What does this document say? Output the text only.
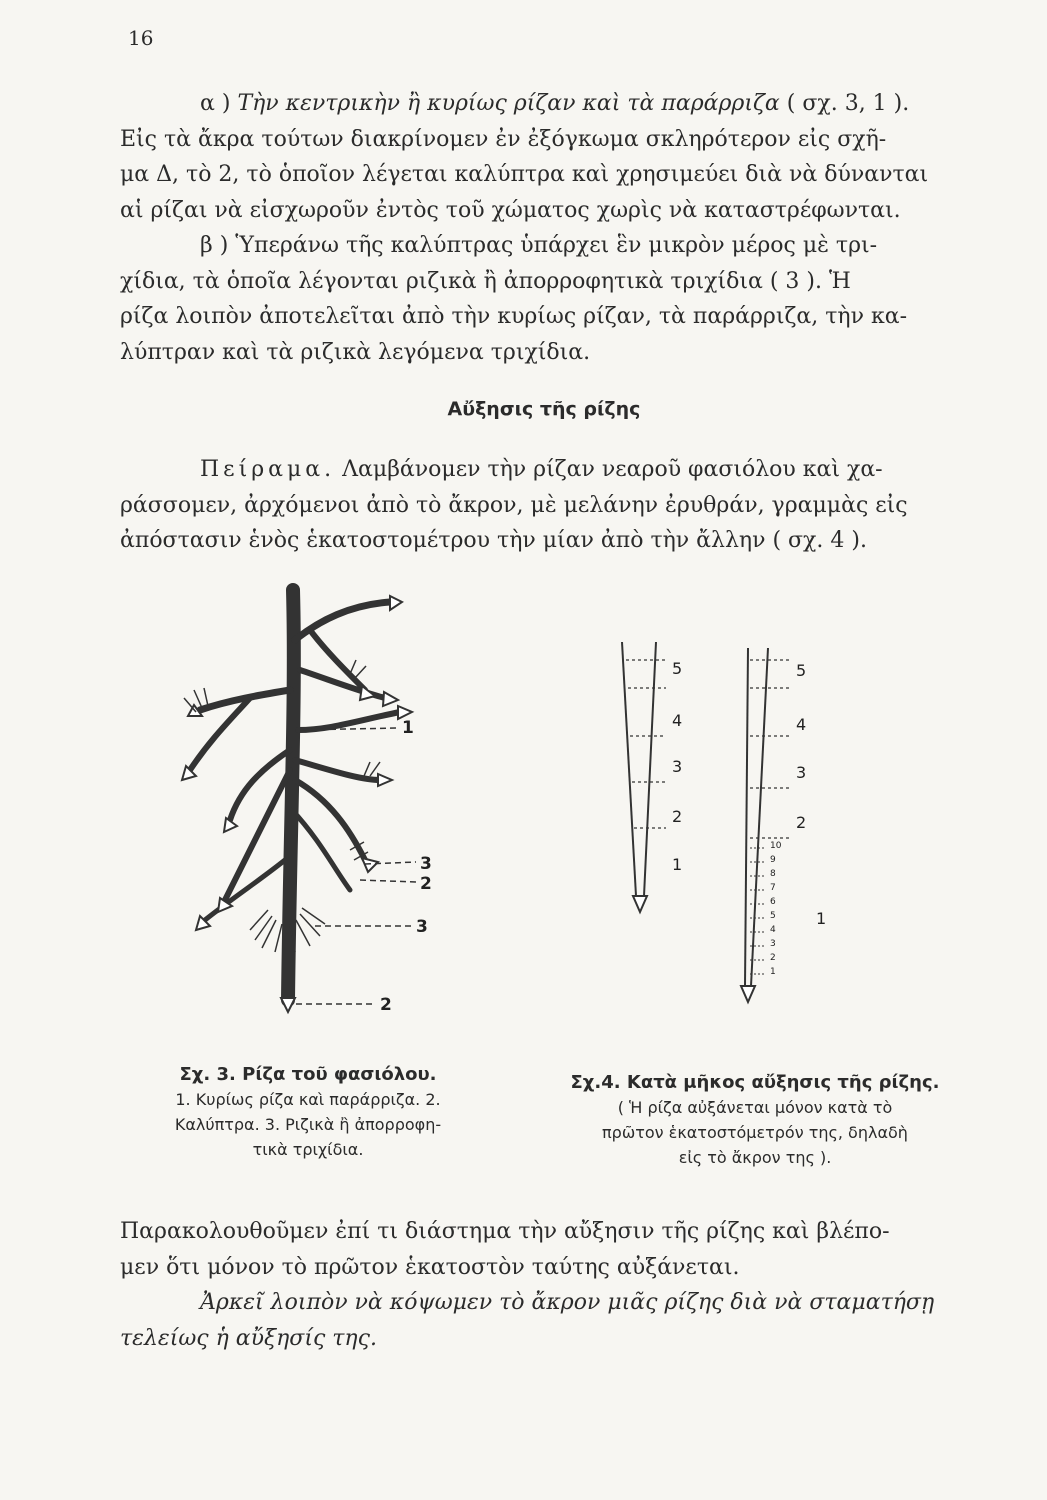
16
α ) Τὴν κεντρικὴν ἢ κυρίως ρίζαν καὶ τὰ παράρριζα ( σχ. 3, 1 ).
Εἰς τὰ ἄκρα τούτων διακρίνομεν ἐν ἐξόγκωμα σκληρότερον εἰς σχῆ-
μα Δ, τὸ 2, τὸ ὁποῖον λέγεται καλύπτρα καὶ χρησιμεύει διὰ νὰ δύνανται
αἱ ρίζαι νὰ εἰσχωροῦν ἐντὸς τοῦ χώματος χωρὶς νὰ καταστρέφωνται.
β ) Ὑπεράνω τῆς καλύπτρας ὑπάρχει ἓν μικρὸν μέρος μὲ τρι-
χίδια, τὰ ὁποῖα λέγονται ριζικὰ ἢ ἀπορροφητικὰ τριχίδια ( 3 ). Ἡ
ρίζα λοιπὸν ἀποτελεῖται ἀπὸ τὴν κυρίως ρίζαν, τὰ παράρριζα, τὴν κα-
λύπτραν καὶ τὰ ριζικὰ λεγόμενα τριχίδια.
Αὔξησις τῆς ρίζης
Πείραμα. Λαμβάνομεν τὴν ρίζαν νεαροῦ φασιόλου καὶ χα-
ράσσομεν, ἀρχόμενοι ἀπὸ τὸ ἄκρον, μὲ μελάνην ἐρυθράν, γραμμὰς εἰς
ἀπόστασιν ἑνὸς ἑκατοστομέτρου τὴν μίαν ἀπὸ τὴν ἄλλην ( σχ. 4 ).
1
3
2
3
2
5
4
3
2
1
5
4
3
2
1
10
9
8
7
6
5
4
3
2
1
Σχ. 3. Ρίζα τοῦ φασιόλου.
1. Κυρίως ρίζα καὶ παράρριζα. 2.
Καλύπτρα. 3. Ριζικὰ ἢ ἀπορροφη-
τικὰ τριχίδια.
Σχ.4. Κατὰ μῆκος αὔξησις τῆς ρίζης.
( Ἡ ρίζα αὐξάνεται μόνον κατὰ τὸ
πρῶτον ἑκατοστόμετρόν της, δηλαδὴ
εἰς τὸ ἄκρον της ).
Παρακολουθοῦμεν ἐπί τι διάστημα τὴν αὔξησιν τῆς ρίζης καὶ βλέπο-
μεν ὅτι μόνον τὸ πρῶτον ἑκατοστὸν ταύτης αὐξάνεται.
Ἀρκεῖ λοιπὸν νὰ κόψωμεν τὸ ἄκρον μιᾶς ρίζης διὰ νὰ σταματήσῃ
τελείως ἡ αὔξησίς της.
